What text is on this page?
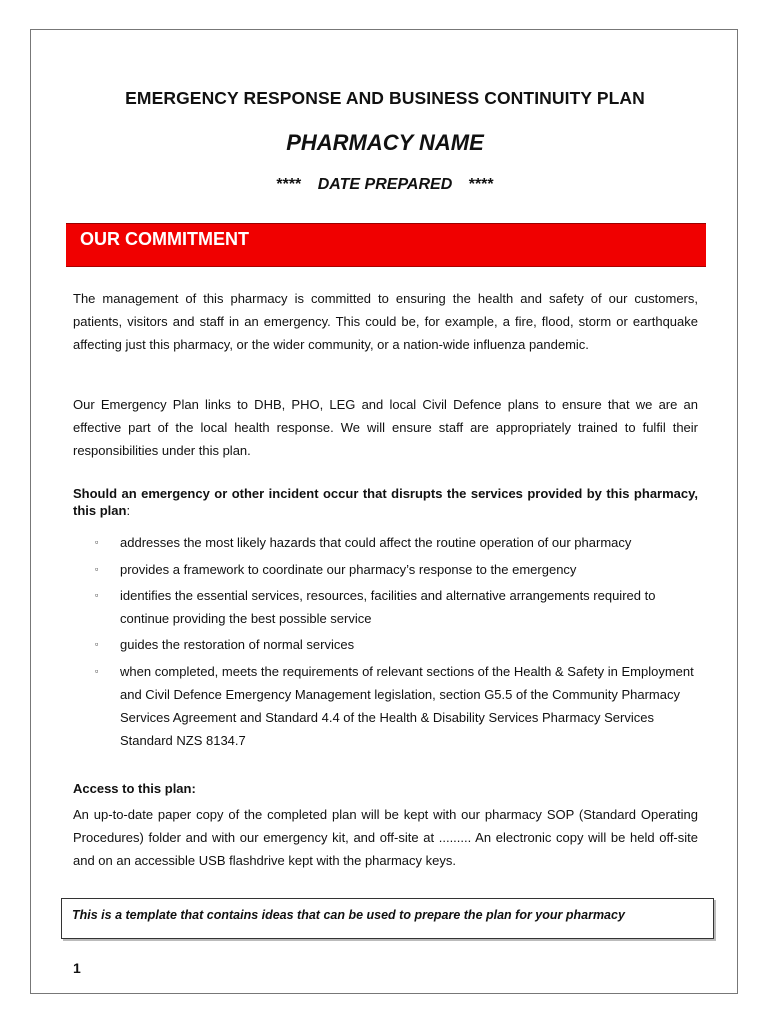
EMERGENCY RESPONSE AND BUSINESS CONTINUITY PLAN
PHARMACY NAME
**** DATE PREPARED ****
OUR COMMITMENT
The management of this pharmacy is committed to ensuring the health and safety of our customers, patients, visitors and staff in an emergency. This could be, for example, a fire, flood, storm or earthquake affecting just this pharmacy, or the wider community, or a nation-wide influenza pandemic.
Our Emergency Plan links to DHB, PHO, LEG and local Civil Defence plans to ensure that we are an effective part of the local health response. We will ensure staff are appropriately trained to fulfil their responsibilities under this plan.
Should an emergency or other incident occur that disrupts the services provided by this pharmacy, this plan:
▫ addresses the most likely hazards that could affect the routine operation of our pharmacy
▫ provides a framework to coordinate our pharmacy’s response to the emergency
▫ identifies the essential services, resources, facilities and alternative arrangements required to continue providing the best possible service
▫ guides the restoration of normal services
▫ when completed, meets the requirements of relevant sections of the Health & Safety in Employment and Civil Defence Emergency Management legislation, section G5.5 of the Community Pharmacy Services Agreement and Standard 4.4 of the Health & Disability Services Pharmacy Services Standard NZS 8134.7
Access to this plan:
An up-to-date paper copy of the completed plan will be kept with our pharmacy SOP (Standard Operating Procedures) folder and with our emergency kit, and off-site at ......... An electronic copy will be held off-site and on an accessible USB flashdrive kept with the pharmacy keys.
This is a template that contains ideas that can be used to prepare the plan for your pharmacy
1
